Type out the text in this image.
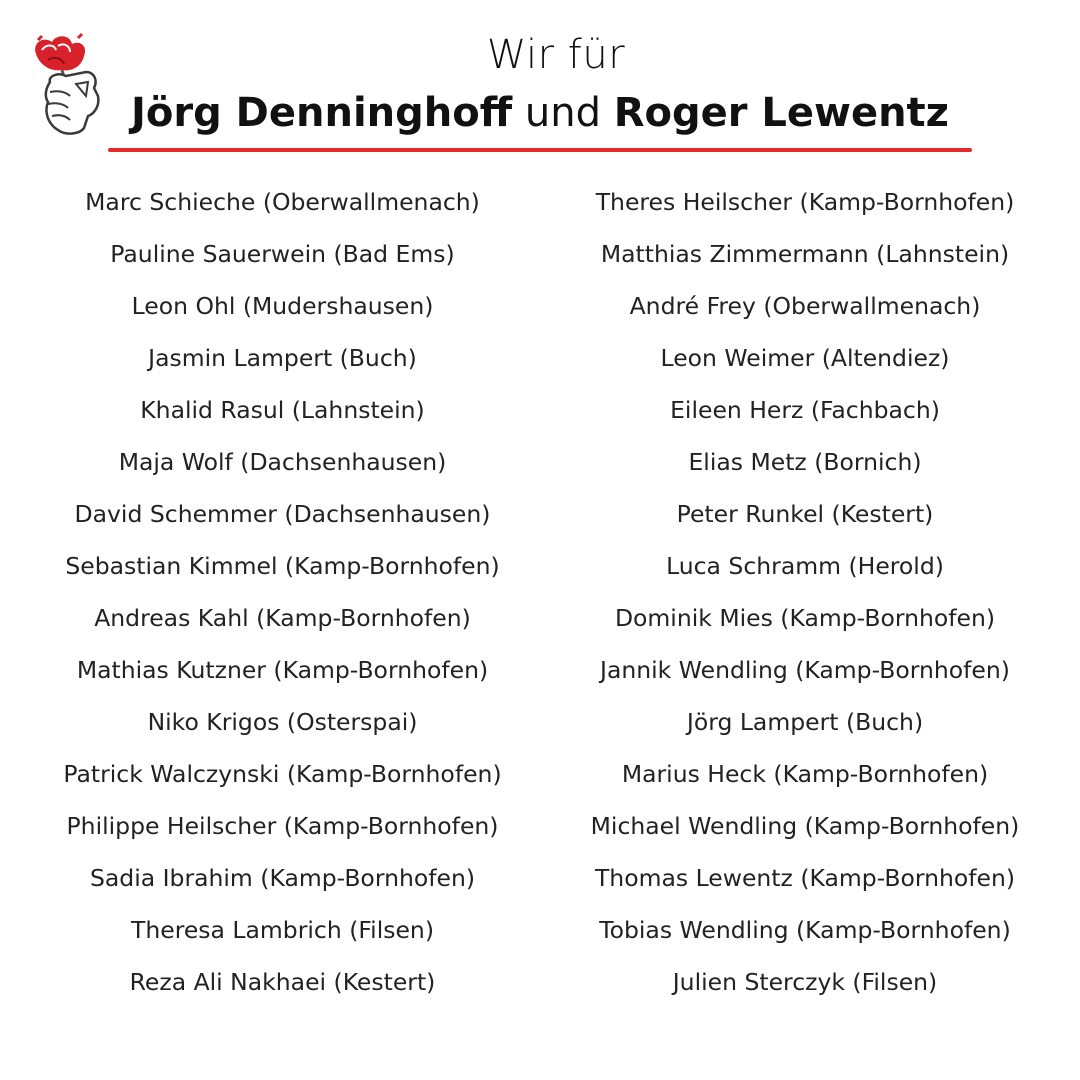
Wir für
Jörg Denninghoff und Roger Lewentz
Marc Schieche (Oberwallmenach)
Pauline Sauerwein (Bad Ems)
Leon Ohl (Mudershausen)
Jasmin Lampert (Buch)
Khalid Rasul (Lahnstein)
Maja Wolf (Dachsenhausen)
David Schemmer (Dachsenhausen)
Sebastian Kimmel (Kamp-Bornhofen)
Andreas Kahl (Kamp-Bornhofen)
Mathias Kutzner (Kamp-Bornhofen)
Niko Krigos (Osterspai)
Patrick Walczynski (Kamp-Bornhofen)
Philippe Heilscher (Kamp-Bornhofen)
Sadia Ibrahim (Kamp-Bornhofen)
Theresa Lambrich (Filsen)
Reza Ali Nakhaei (Kestert)
Theres Heilscher (Kamp-Bornhofen)
Matthias Zimmermann (Lahnstein)
André Frey (Oberwallmenach)
Leon Weimer (Altendiez)
Eileen Herz (Fachbach)
Elias Metz (Bornich)
Peter Runkel (Kestert)
Luca Schramm (Herold)
Dominik Mies (Kamp-Bornhofen)
Jannik Wendling (Kamp-Bornhofen)
Jörg Lampert (Buch)
Marius Heck (Kamp-Bornhofen)
Michael Wendling (Kamp-Bornhofen)
Thomas Lewentz (Kamp-Bornhofen)
Tobias Wendling (Kamp-Bornhofen)
Julien Sterczyk (Filsen)
